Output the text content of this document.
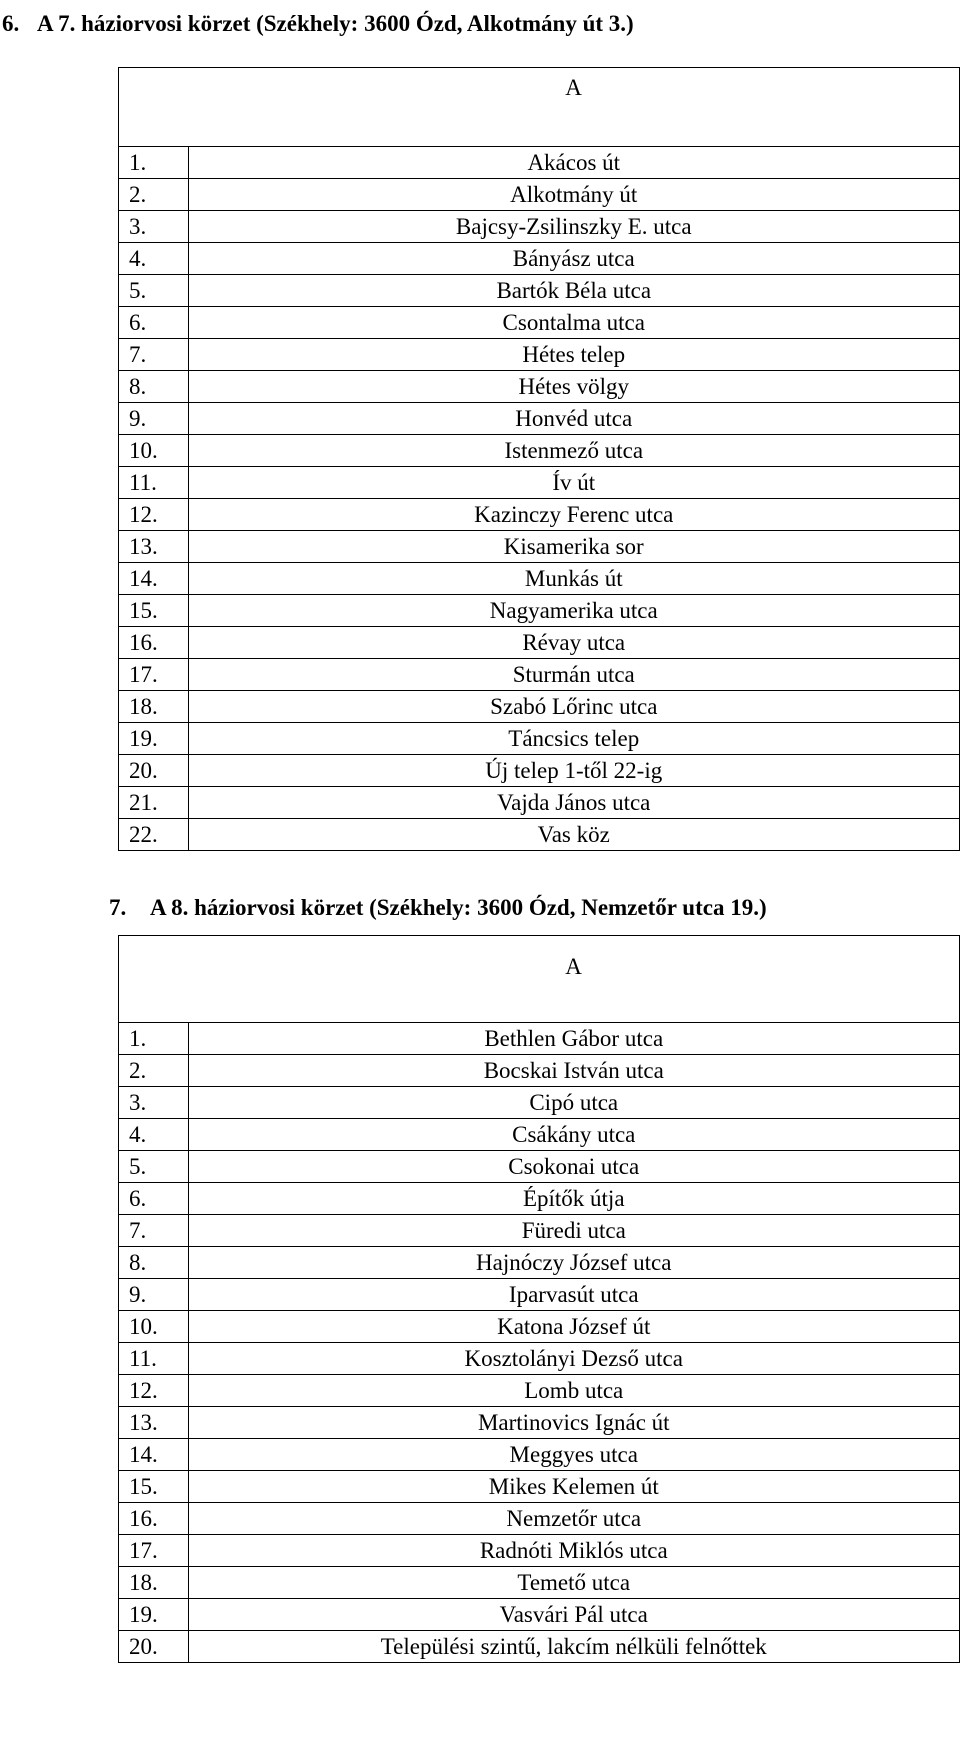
6. A 7. háziorvosi körzet (Székhely: 3600 Ózd, Alkotmány út 3.)
	A
1.	Akácos út
2.	Alkotmány út
3.	Bajcsy-Zsilinszky E. utca
4.	Bányász utca
5.	Bartók Béla utca
6.	Csontalma utca
7.	Hétes telep
8.	Hétes völgy
9.	Honvéd utca
10.	Istenmező utca
11.	Ív út
12.	Kazinczy Ferenc utca
13.	Kisamerika sor
14.	Munkás út
15.	Nagyamerika utca
16.	Révay utca
17.	Sturmán utca
18.	Szabó Lőrinc utca
19.	Táncsics telep
20.	Új telep 1-től 22-ig
21.	Vajda János utca
22.	Vas köz
7. A 8. háziorvosi körzet (Székhely: 3600 Ózd, Nemzetőr utca 19.)
	A
1.	Bethlen Gábor utca
2.	Bocskai István utca
3.	Cipó utca
4.	Csákány utca
5.	Csokonai utca
6.	Építők útja
7.	Füredi utca
8.	Hajnóczy József utca
9.	Iparvasút utca
10.	Katona József út
11.	Kosztolányi Dezső utca
12.	Lomb utca
13.	Martinovics Ignác út
14.	Meggyes utca
15.	Mikes Kelemen út
16.	Nemzetőr utca
17.	Radnóti Miklós utca
18.	Temető utca
19.	Vasvári Pál utca
20.	Települési szintű, lakcím nélküli felnőttek
